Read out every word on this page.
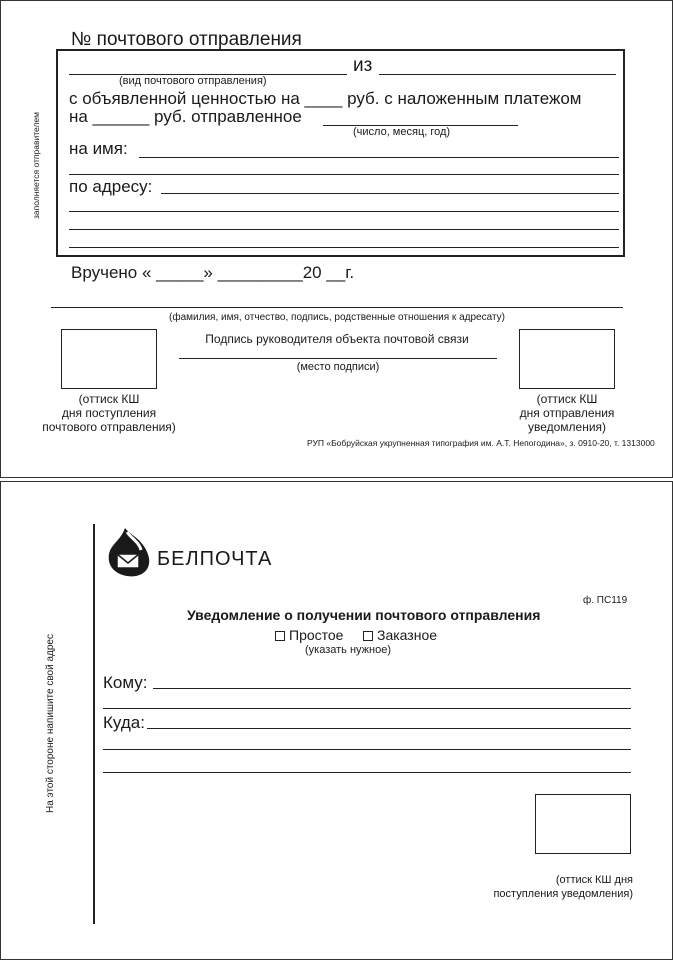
№ почтового отправления
из
(вид почтового отправления)
с объявленной ценностью на ____ руб. с наложенным платежом
на ______ руб. отправленное
(число, месяц, год)
на имя:
по адресу:
заполняется отправителем
Вручено « _____» _________20 __г.
(фамилия, имя, отчество, подпись, родственные отношения к адресату)
(оттиск КШ
дня поступления
почтового отправления)
Подпись руководителя объекта почтовой связи
(место подписи)
(оттиск КШ
дня отправления
уведомления)
РУП «Бобруйская укрупненная типография им. А.Т. Непогодина», з. 0910-20, т. 1313000
На этой стороне напишите свой адрес
БЕЛПОЧТА
ф. ПС119
Уведомление о получении почтового отправления
Простое	Заказное
(указать нужное)
Кому:
Куда:
(оттиск КШ дня
поступления уведомления)
